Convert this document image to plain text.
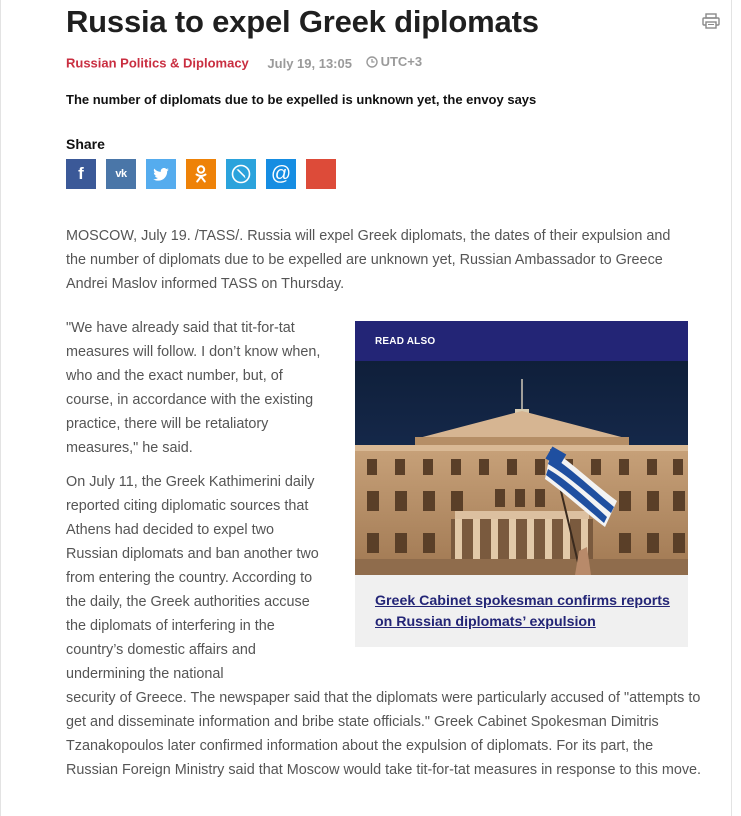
Russia to expel Greek diplomats
Russian Politics & Diplomacy July 19, 13:05 UTC+3
The number of diplomats due to be expelled is unknown yet, the envoy says
Share
f	vk	@

MOSCOW, July 19. /TASS/. Russia will expel Greek diplomats, the dates of their expulsion and the number of diplomats due to be expelled are unknown yet, Russian Ambassador to Greece Andrei Maslov informed TASS on Thursday.

"We have already said that tit-for-tat measures will follow. I don’t know when, who and the exact number, but, of course, in accordance with the existing practice, there will be retaliatory measures," he said.

On July 11, the Greek Kathimerini daily reported citing diplomatic sources that Athens had decided to expel two Russian diplomats and ban another two from entering the country. According to the daily, the Greek authorities accuse the diplomats of interfering in the country’s domestic affairs and undermining the national

security of Greece. The newspaper said that the diplomats were particularly accused of "attempts to get and disseminate information and bribe state officials." Greek Cabinet Spokesman Dimitris Tzanakopoulos later confirmed information about the expulsion of diplomats. For its part, the Russian Foreign Ministry said that Moscow would take tit-for-tat measures in response to this move.

READ ALSO
Greek Cabinet spokesman confirms reports on Russian diplomats’ expulsion
